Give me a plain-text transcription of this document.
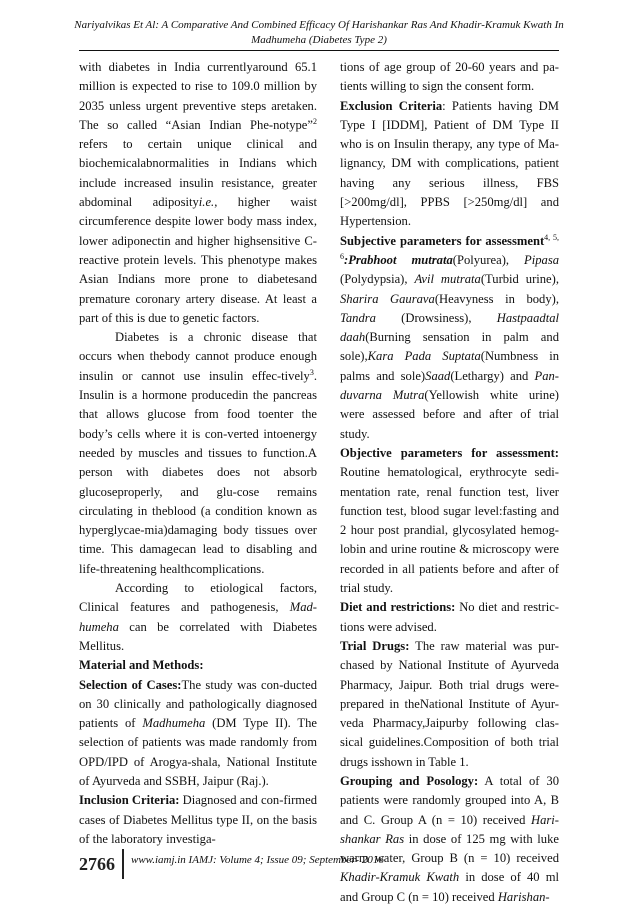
Nariyalvikas Et Al: A Comparative And Combined Efficacy Of Harishankar Ras And Khadir-Kramuk Kwath In Madhumeha (Diabetes Type 2)

with diabetes in India currentlyaround 65.1 million is expected to rise to 109.0 million by 2035 unless urgent preventive steps aretaken. The so called “Asian Indian Phe-notype”$^2$ refers to certain unique clinical and biochemicalabnormalities in Indians which include increased insulin resistance, greater abdominal adiposityi.e., higher waist circumference despite lower body mass index, lower adiponectin and higher highsensitive C-reactive protein levels. This phenotype makes Asian Indians more prone to diabetesand premature coronary artery disease. At least a part of this is due to genetic factors.

Diabetes is a chronic disease that occurs when thebody cannot produce enough insulin or cannot use insulin effec-tively$^3$. Insulin is a hormone producedin the pancreas that allows glucose from food toenter the body’s cells where it is con-verted intoenergy needed by muscles and tissues to function.A person with diabetes does not absorb glucoseproperly, and glu-cose remains circulating in theblood (a condition known as hyperglycae-mia)damaging body tissues over time. This damagecan lead to disabling and life-threatening healthcomplications.

According to etiological factors, Clinical features and pathogenesis, Mad-humeha can be correlated with Diabetes Mellitus.

Material and Methods:

Selection of Cases:The study was con-ducted on 30 clinically and pathologically diagnosed patients of Madhumeha (DM Type II). The selection of patients was made randomly from OPD/IPD of Arogya-shala, National Institute of Ayurveda and SSBH, Jaipur (Raj.).

Inclusion Criteria: Diagnosed and con-firmed cases of Diabetes Mellitus type II, on the basis of the laboratory investiga-

tions of age group of 20-60 years and pa-tients willing to sign the consent form.

Exclusion Criteria: Patients having DM Type I [IDDM], Patient of DM Type II who is on Insulin therapy, any type of Ma-lignancy, DM with complications, patient having any serious illness, FBS [>200mg/dl], PPBS [>250mg/dl] and Hypertension.

Subjective parameters for assessment$^{4, 5, 6}$:Prabhoot mutrata(Polyurea), Pipasa (Polydypsia), Avil mutrata(Turbid urine), Sharira Gaurava(Heavyness in body), Tandra (Drowsiness), Hastpaadtal daah(Burning sensation in palm and sole),Kara Pada Suptata(Numbness in palms and sole)Saad(Lethargy) and Pan-duvarna Mutra(Yellowish white urine) were assessed before and after of trial study.

Objective parameters for assessment: Routine hematological, erythrocyte sedi-mentation rate, renal function test, liver function test, blood sugar level:fasting and 2 hour post prandial, glycosylated hemog-lobin and urine routine & microscopy were recorded in all patients before and after of trial study.

Diet and restrictions: No diet and restric-tions were advised.

Trial Drugs: The raw material was pur-chased by National Institute of Ayurveda Pharmacy, Jaipur. Both trial drugs were-prepared in theNational Institute of Ayur-veda Pharmacy,Jaipurby following clas-sical guidelines.Composition of both trial drugs isshown in Table 1.

Grouping and Posology: A total of 30 patients were randomly grouped into A, B and C. Group A (n = 10) received Hari-shankar Ras in dose of 125 mg with luke warm water, Group B (n = 10) received Khadir-Kramuk Kwath in dose of 40 ml and Group C (n = 10) received Harishan-

2766 www.iamj.in IAMJ: Volume 4; Issue 09; September- 2016
